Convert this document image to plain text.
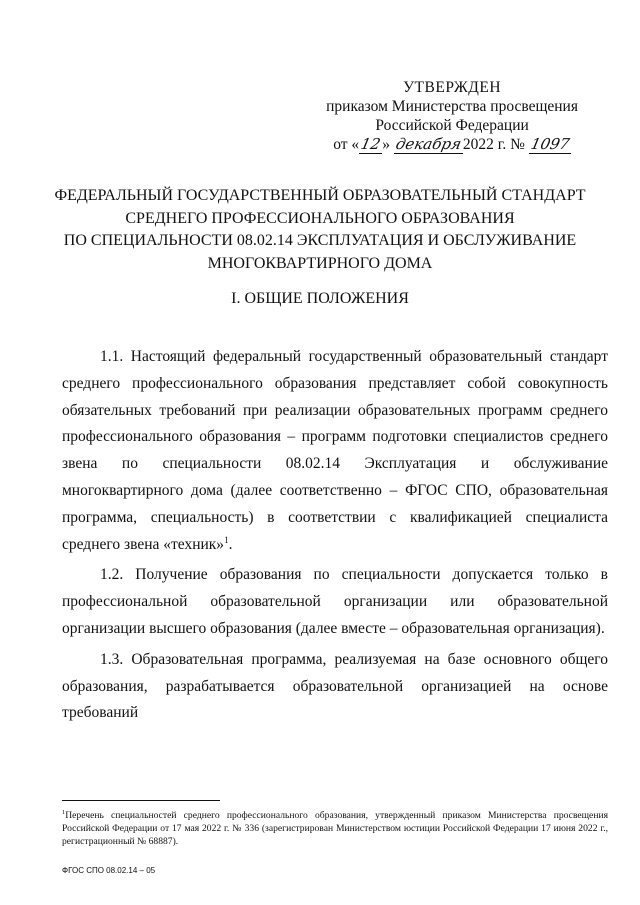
УТВЕРЖДЕН
приказом Министерства просвещения
Российской Федерации
от «12» декабря2022 г. № 1097
ФЕДЕРАЛЬНЫЙ ГОСУДАРСТВЕННЫЙ ОБРАЗОВАТЕЛЬНЫЙ СТАНДАРТ
СРЕДНЕГО ПРОФЕССИОНАЛЬНОГО ОБРАЗОВАНИЯ
ПО СПЕЦИАЛЬНОСТИ 08.02.14 ЭКСПЛУАТАЦИЯ И ОБСЛУЖИВАНИЕ
МНОГОКВАРТИРНОГО ДОМА
I. ОБЩИЕ ПОЛОЖЕНИЯ

1.1. Настоящий федеральный государственный образовательный стандарт среднего профессионального образования представляет собой совокупность обязательных требований при реализации образовательных программ среднего профессионального образования – программ подготовки специалистов среднего звена по специальности 08.02.14 Эксплуатация и обслуживание многоквартирного дома (далее соответственно – ФГОС СПО, образовательная программа, специальность) в соответствии с квалификацией специалиста среднего звена «техник»$^1$.

1.2. Получение образования по специальности допускается только в профессиональной образовательной организации или образовательной организации высшего образования (далее вместе – образовательная организация).

1.3. Образовательная программа, реализуемая на базе основного общего образования, разрабатывается образовательной организацией на основе требований

$^1$Перечень специальностей среднего профессионального образования, утвержденный приказом Министерства просвещения Российской Федерации от 17 мая 2022 г. № 336 (зарегистрирован Министерством юстиции Российской Федерации 17 июня 2022 г., регистрационный № 68887).
ФГОС СПО 08.02.14 – 05
